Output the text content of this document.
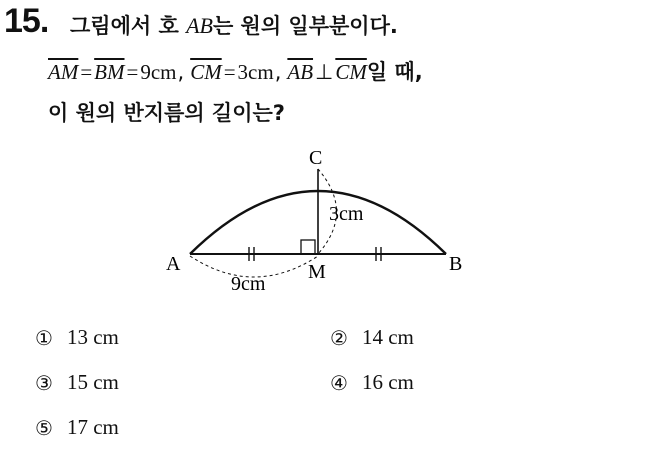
15. 그림에서 호 AB는 원의 일부분이다.
$\overline{AM}=\overline{BM}=9cm$, $\overline{CM}=3cm$, $\overline{AB}\perp\overline{CM}$일 때,
이 원의 반지름의 길이는?
C
A	B
M
3cm
9cm
① 13 cm	② 14 cm
③ 15 cm	④ 16 cm
⑤ 17 cm
